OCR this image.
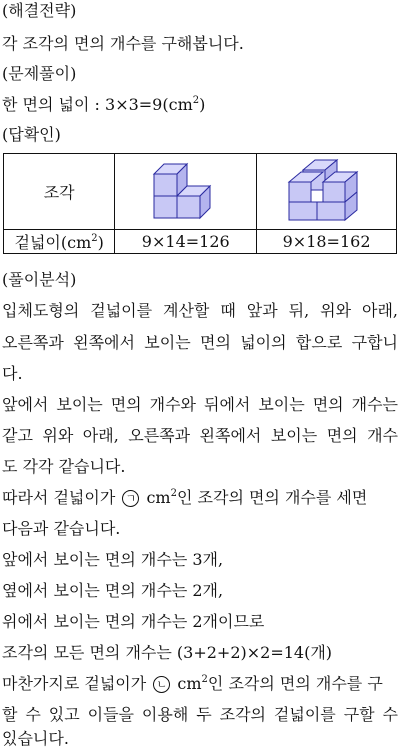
(해결전략)
각 조각의 면의 개수를 구해봅니다.
(문제풀이)
한 면의 넓이 : $3\times 3=9(cm^2)$
(답확인)
조각		
겉넓이$(cm^2)$	9×14=126	9×18=162
(풀이분석)
입체도형의 겉넓이를 계산할 때 앞과 뒤, 위와 아래,
오른쪽과 왼쪽에서 보이는 면의 넓이의 합으로 구합니
다.
앞에서 보이는 면의 개수와 뒤에서 보이는 면의 개수는
같고 위와 아래, 오른쪽과 왼쪽에서 보이는 면의 개수
도 각각 같습니다.
따라서 겉넓이가 ㄱ $cm^2$인 조각의 면의 개수를 세면
다음과 같습니다.
앞에서 보이는 면의 개수는 3개,
옆에서 보이는 면의 개수는 2개,
위에서 보이는 면의 개수는 2개이므로
조각의 모든 면의 개수는 (3+2+2)×2=14(개)
마찬가지로 겉넓이가 ㄴ $cm^2$인 조각의 면의 개수를 구
할 수 있고 이들을 이용해 두 조각의 겉넓이를 구할 수
있습니다.
